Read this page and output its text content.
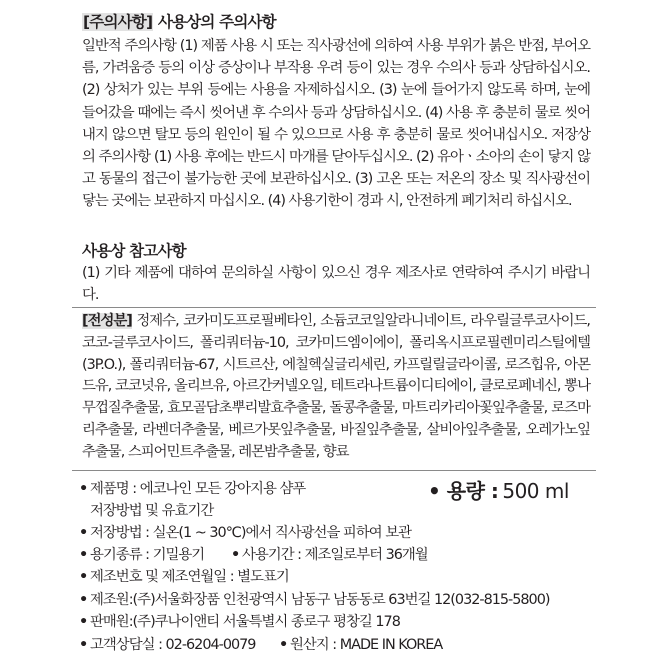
[주의사항] 사용상의 주의사항
일반적 주의사항 (1) 제품 사용 시 또는 직사광선에 의하여 사용 부위가 붉은 반점, 부어오름, 가려움증 등의 이상 증상이나 부작용 우려 등이 있는 경우 수의사 등과 상담하십시오. (2) 상처가 있는 부위 등에는 사용을 자제하십시오. (3) 눈에 들어가지 않도록 하며, 눈에 들어갔을 때에는 즉시 씻어낸 후 수의사 등과 상담하십시오. (4) 사용 후 충분히 물로 씻어내지 않으면 탈모 등의 원인이 될 수 있으므로 사용 후 충분히 물로 씻어내십시오. 저장상의 주의사항 (1) 사용 후에는 반드시 마개를 닫아두십시오. (2) 유아ㆍ소아의 손이 닿지 않고 동물의 접근이 불가능한 곳에 보관하십시오. (3) 고온 또는 저온의 장소 및 직사광선이 닿는 곳에는 보관하지 마십시오. (4) 사용기한이 경과 시, 안전하게 폐기처리 하십시오.
사용상 참고사항
(1) 기타 제품에 대하여 문의하실 사항이 있으신 경우 제조사로 연락하여 주시기 바랍니다.
[전성분] 정제수, 코카미도프로필베타인, 소듐코코일알라니네이트, 라우릴글루코사이드, 코코-글루코사이드, 폴리쿼터늄-10, 코카미드엠이에이, 폴리옥시프로필렌미리스틸에텔(3P.O.), 폴리쿼터늄-67, 시트르산, 에칠헥실글리세린, 카프릴릴글라이콜, 로즈힙유, 아몬드유, 코코넛유, 올리브유, 아르간커넬오일, 테트라나트륨이디티에이, 클로로페네신, 뽕나무껍질추출물, 효모골담초뿌리발효추출물, 돌콩추출물, 마트리카리아꽃잎추출물, 로즈마리추출물, 라벤더추출물, 베르가못잎추출물, 바질잎추출물, 살비아잎추출물, 오레가노잎추출물, 스피어민트추출물, 레몬밤추출물, 향료
• 제품명 : 에코나인 모든 강아지용 샴푸	• 용량 : 500 ml
저장방법 및 유효기간
• 저장방법 : 실온(1 ~ 30℃)에서 직사광선을 피하여 보관
• 용기종류 : 기밀용기 • 사용기간 : 제조일로부터 36개월
• 제조번호 및 제조연월일 : 별도표기
• 제조원:(주)서울화장품 인천광역시 남동구 남동동로 63번길 12(032-815-5800)
• 판매원:(주)쿠나이앤티 서울특별시 종로구 평창길 178
• 고객상담실 : 02-6204-0079 • 원산지 : MADE IN KOREA
